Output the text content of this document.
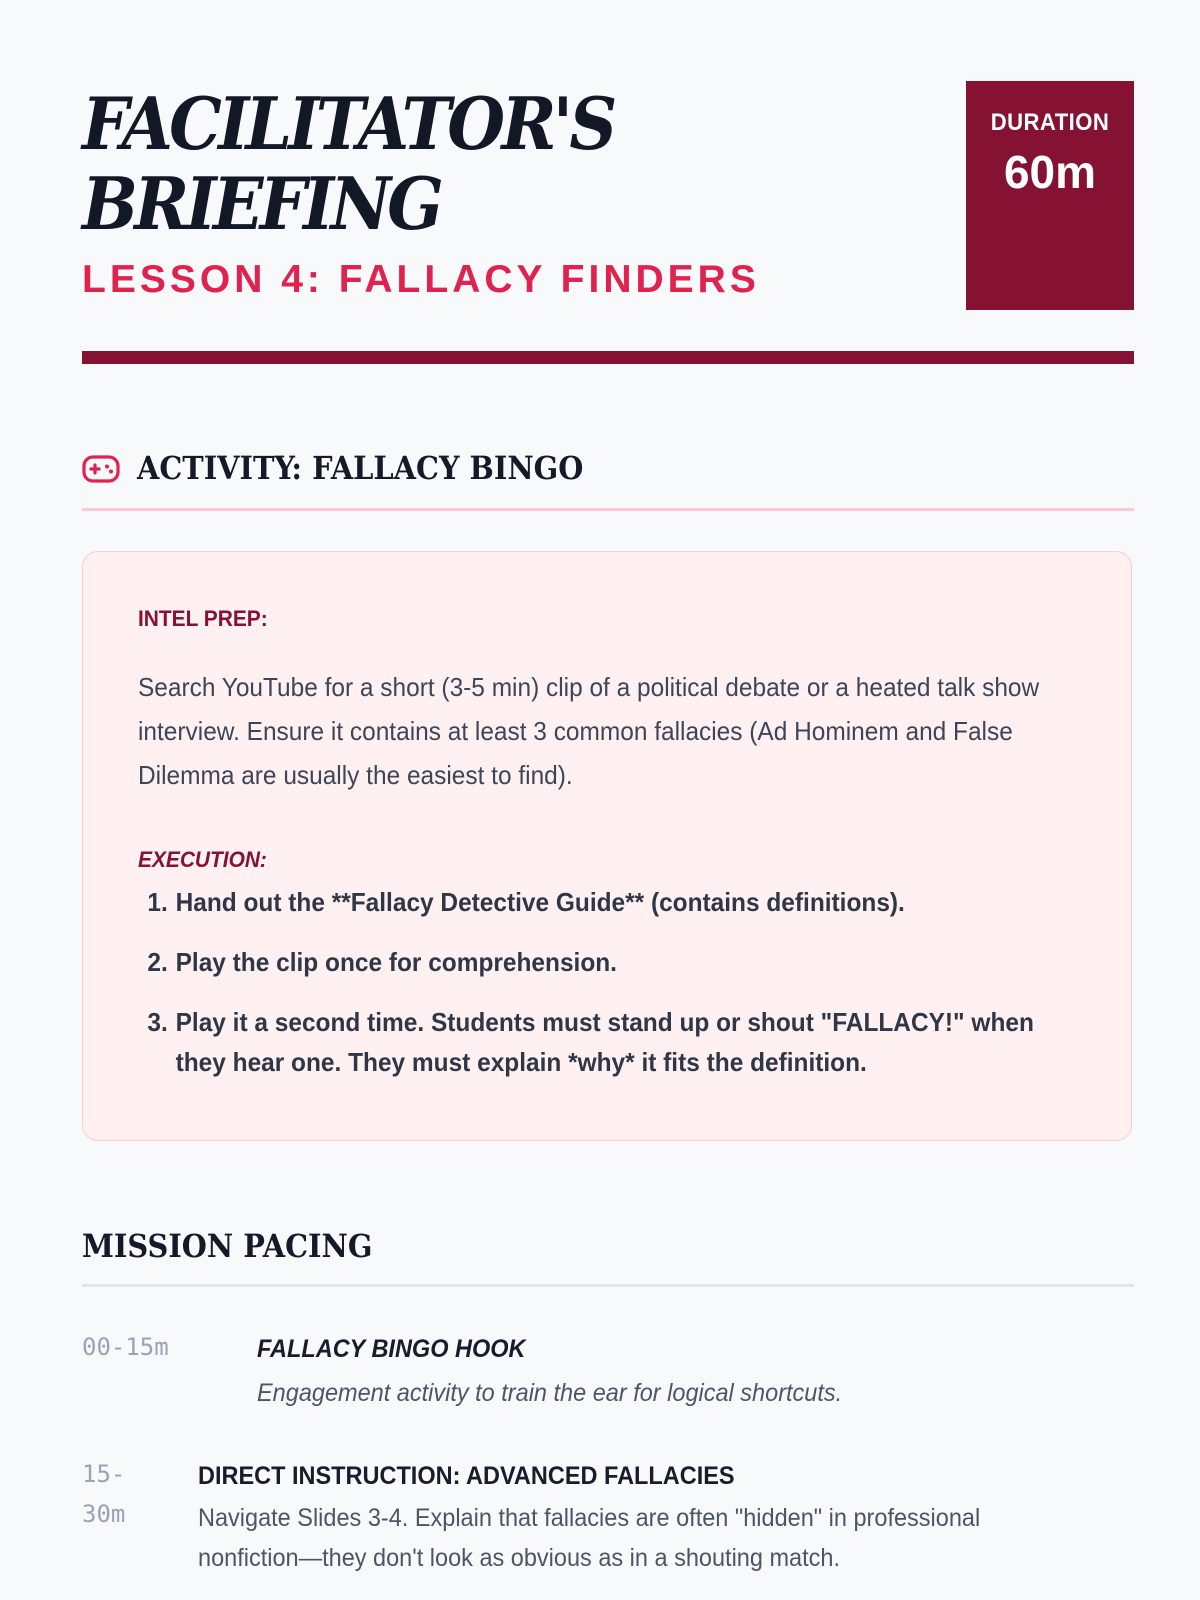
FACILITATOR'S
BRIEFING
LESSON 4: FALLACY FINDERS
DURATION
60m
ACTIVITY: FALLACY BINGO
INTEL PREP:
Search YouTube for a short (3-5 min) clip of a political debate or a heated talk show interview. Ensure it contains at least 3 common fallacies (Ad Hominem and False Dilemma are usually the easiest to find).
EXECUTION:
1. Hand out the **Fallacy Detective Guide** (contains definitions).
2. Play the clip once for comprehension.
3. Play it a second time. Students must stand up or shout "FALLACY!" when they hear one. They must explain *why* it fits the definition.
MISSION PACING
00-15m	FALLACY BINGO HOOK
Engagement activity to train the ear for logical shortcuts.
15-
30m
DIRECT INSTRUCTION: ADVANCED FALLACIES
Navigate Slides 3-4. Explain that fallacies are often "hidden" in professional nonfiction—they don't look as obvious as in a shouting match.
